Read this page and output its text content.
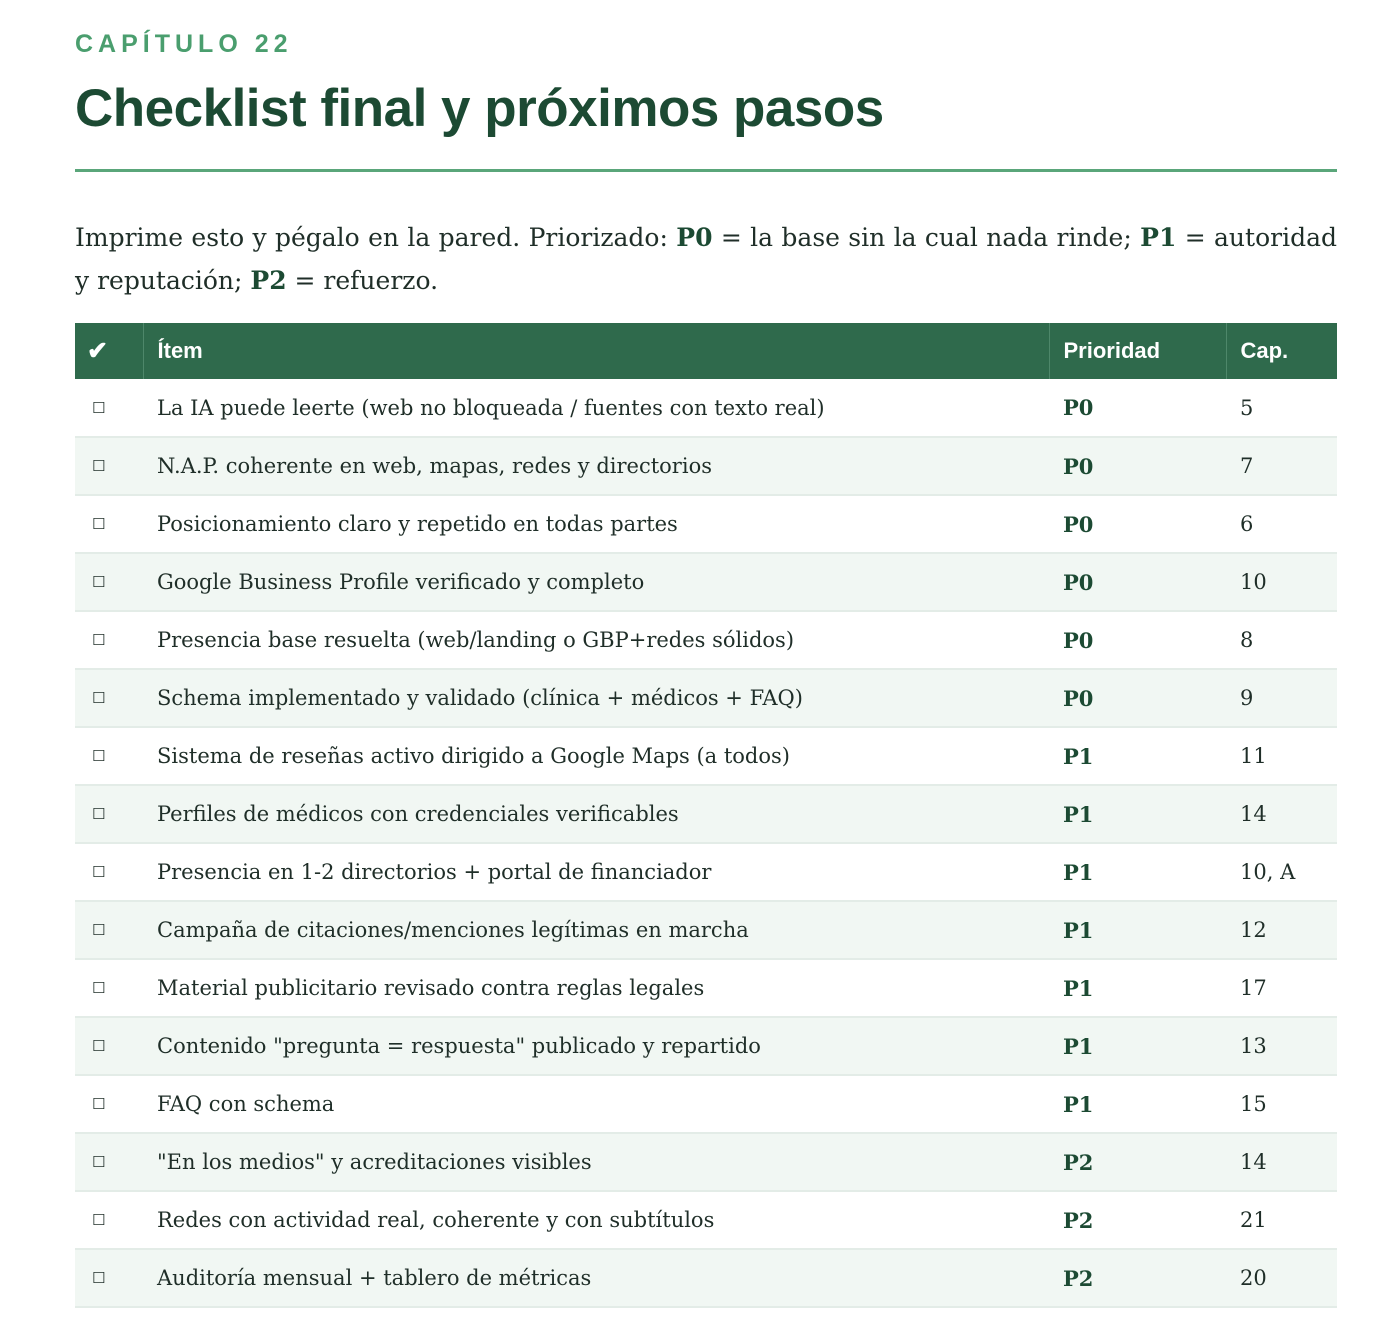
CAPÍTULO 22
Checklist final y próximos pasos

Imprime esto y pégalo en la pared. Priorizado: P0 = la base sin la cual nada rinde; P1 = autoridad y reputación; P2 = refuerzo.

✔	Ítem	Prioridad	Cap.
☐	La IA puede leerte (web no bloqueada / fuentes con texto real)	P0	5
☐	N.A.P. coherente en web, mapas, redes y directorios	P0	7
☐	Posicionamiento claro y repetido en todas partes	P0	6
☐	Google Business Profile verificado y completo	P0	10
☐	Presencia base resuelta (web/landing o GBP+redes sólidos)	P0	8
☐	Schema implementado y validado (clínica + médicos + FAQ)	P0	9
☐	Sistema de reseñas activo dirigido a Google Maps (a todos)	P1	11
☐	Perfiles de médicos con credenciales verificables	P1	14
☐	Presencia en 1-2 directorios + portal de financiador	P1	10, A
☐	Campaña de citaciones/menciones legítimas en marcha	P1	12
☐	Material publicitario revisado contra reglas legales	P1	17
☐	Contenido "pregunta = respuesta" publicado y repartido	P1	13
☐	FAQ con schema	P1	15
☐	"En los medios" y acreditaciones visibles	P2	14
☐	Redes con actividad real, coherente y con subtítulos	P2	21
☐	Auditoría mensual + tablero de métricas	P2	20
